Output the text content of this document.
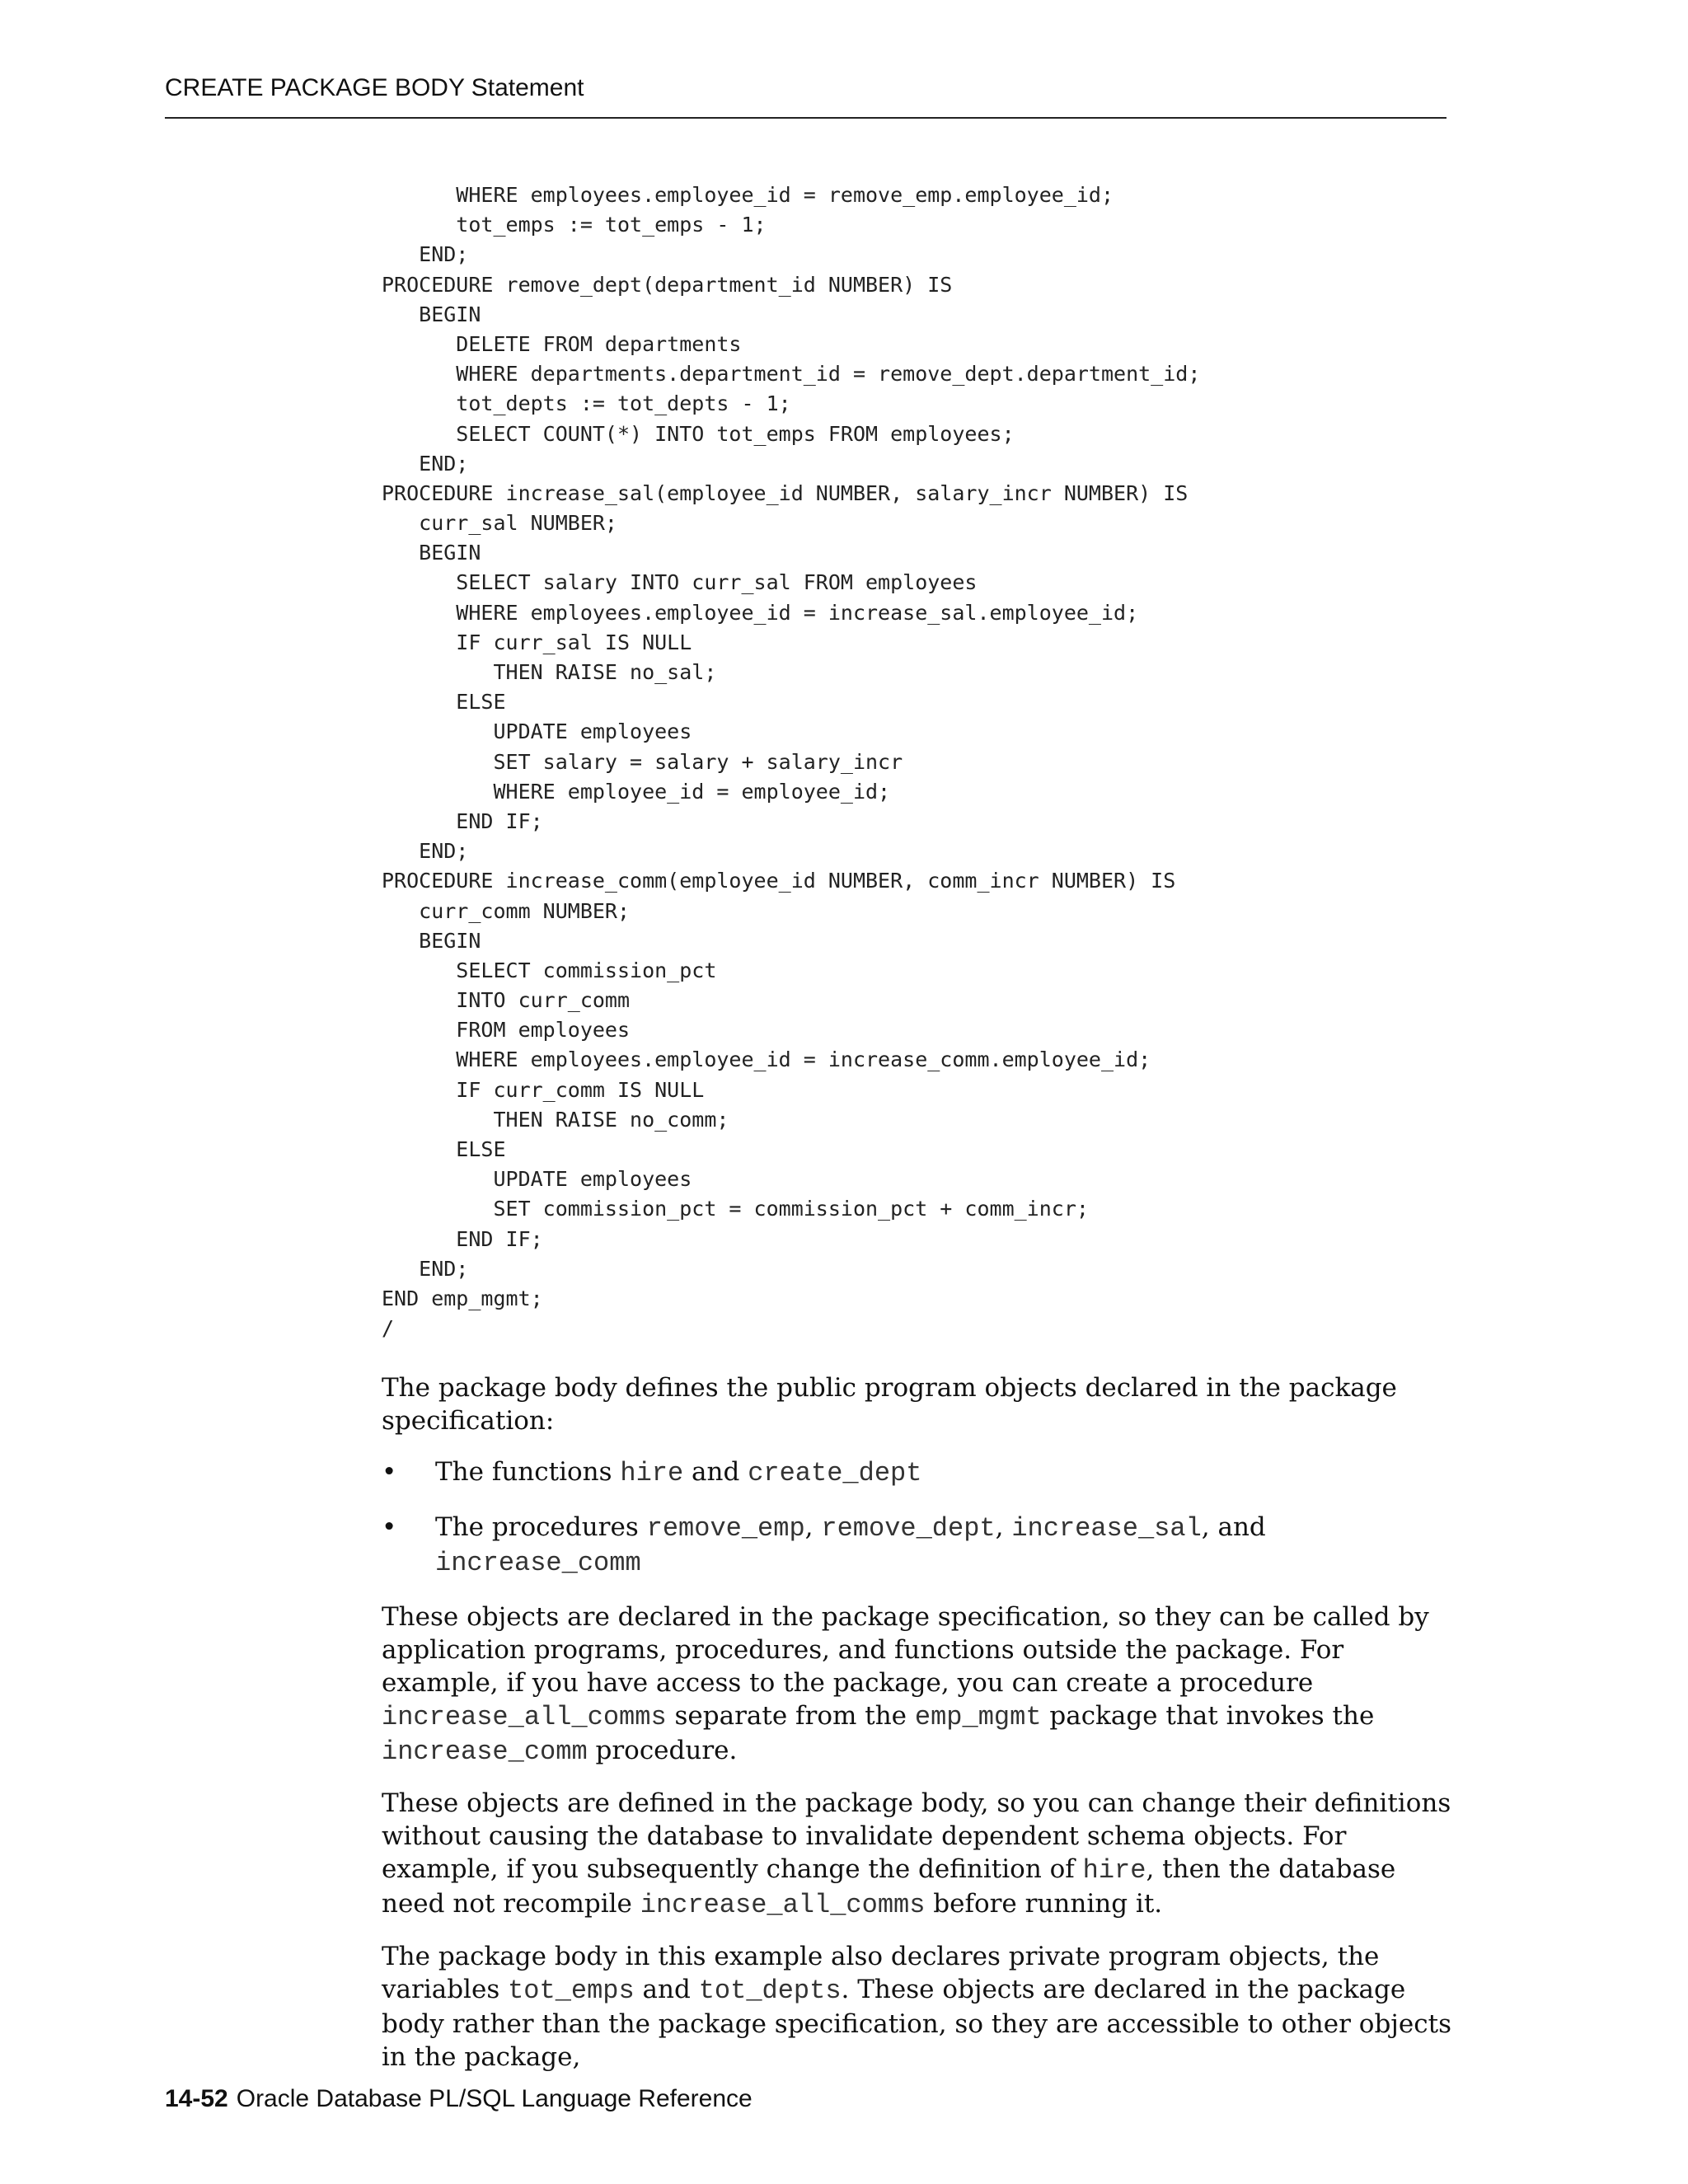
CREATE PACKAGE BODY Statement
WHERE employees.employee_id = remove_emp.employee_id;
tot_emps := tot_emps - 1;
END;
PROCEDURE remove_dept(department_id NUMBER) IS
BEGIN
DELETE FROM departments
WHERE departments.department_id = remove_dept.department_id;
tot_depts := tot_depts - 1;
SELECT COUNT(*) INTO tot_emps FROM employees;
END;
PROCEDURE increase_sal(employee_id NUMBER, salary_incr NUMBER) IS
curr_sal NUMBER;
BEGIN
SELECT salary INTO curr_sal FROM employees
WHERE employees.employee_id = increase_sal.employee_id;
IF curr_sal IS NULL
THEN RAISE no_sal;
ELSE
UPDATE employees
SET salary = salary + salary_incr
WHERE employee_id = employee_id;
END IF;
END;
PROCEDURE increase_comm(employee_id NUMBER, comm_incr NUMBER) IS
curr_comm NUMBER;
BEGIN
SELECT commission_pct
INTO curr_comm
FROM employees
WHERE employees.employee_id = increase_comm.employee_id;
IF curr_comm IS NULL
THEN RAISE no_comm;
ELSE
UPDATE employees
SET commission_pct = commission_pct + comm_incr;
END IF;
END;
END emp_mgmt;
/

The package body defines the public program objects declared in the package specification:

• The functions hire and create_dept
• The procedures remove_emp, remove_dept, increase_sal, and increase_comm

These objects are declared in the package specification, so they can be called by application programs, procedures, and functions outside the package. For example, if you have access to the package, you can create a procedure increase_all_comms separate from the emp_mgmt package that invokes the increase_comm procedure.

These objects are defined in the package body, so you can change their definitions without causing the database to invalidate dependent schema objects. For example, if you subsequently change the definition of hire, then the database need not recompile increase_all_comms before running it.

The package body in this example also declares private program objects, the variables tot_emps and tot_depts. These objects are declared in the package body rather than the package specification, so they are accessible to other objects in the package,

14-52 Oracle Database PL/SQL Language Reference
